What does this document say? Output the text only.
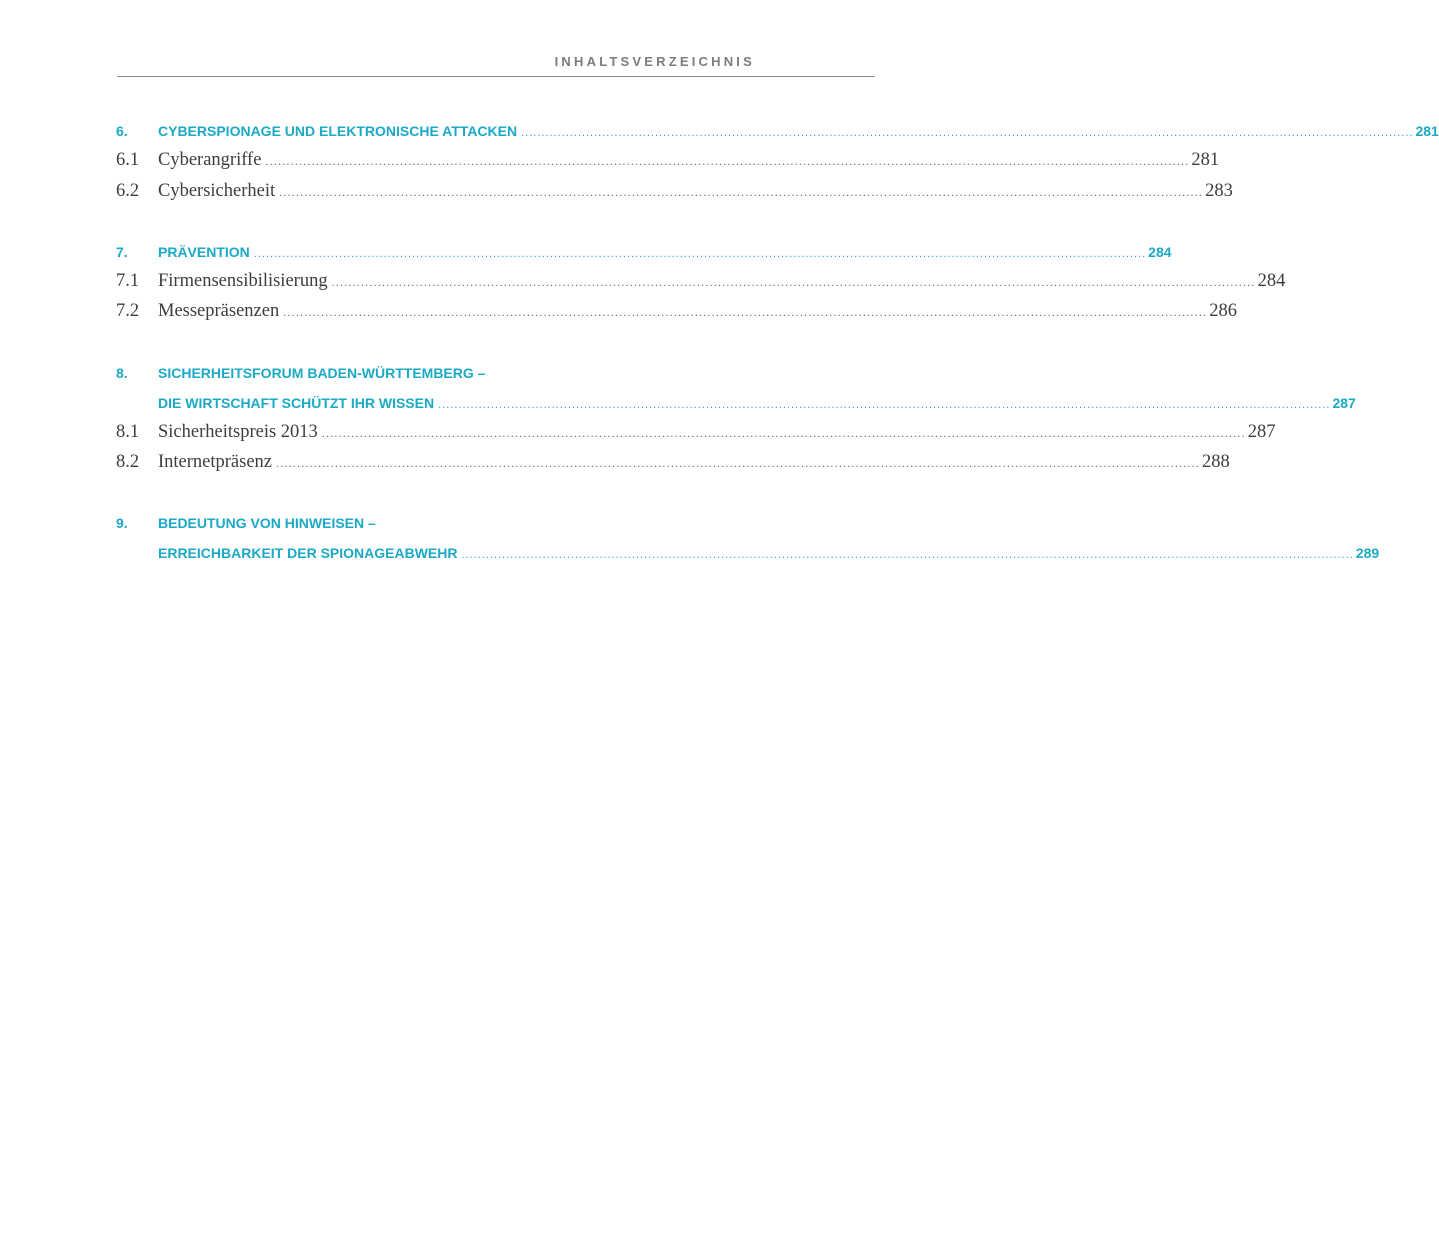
INHALTSVERZEICHNIS
6.	CYBERSPIONAGE UND ELEKTRONISCHE ATTACKEN ............................................................................................................................................................................................................................ 281
6.1	Cyberangriffe ............................................................................................................................................................................................................................ 281
6.2	Cybersicherheit ............................................................................................................................................................................................................................ 283
7.	PRÄVENTION ............................................................................................................................................................................................................................ 284
7.1	Firmensensibilisierung ............................................................................................................................................................................................................................ 284
7.2	Messepräsenzen ............................................................................................................................................................................................................................ 286
8.	SICHERHEITSFORUM BADEN-WÜRTTEMBERG –
DIE WIRTSCHAFT SCHÜTZT IHR WISSEN ............................................................................................................................................................................................................................ 287
8.1	Sicherheitspreis 2013 ............................................................................................................................................................................................................................ 287
8.2	Internetpräsenz ............................................................................................................................................................................................................................ 288
9.	BEDEUTUNG VON HINWEISEN –
ERREICHBARKEIT DER SPIONAGEABWEHR ............................................................................................................................................................................................................................ 289
